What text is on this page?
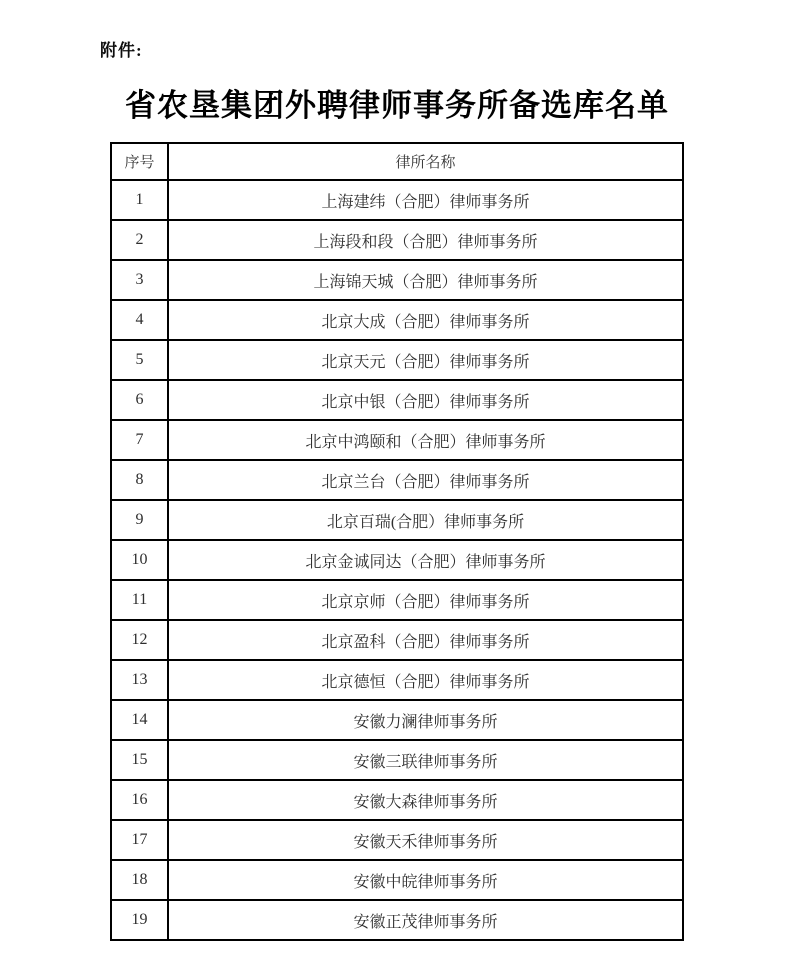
附件:
省农垦集团外聘律师事务所备选库名单
序号	律所名称
1	上海建纬（合肥）律师事务所
2	上海段和段（合肥）律师事务所
3	上海锦天城（合肥）律师事务所
4	北京大成（合肥）律师事务所
5	北京天元（合肥）律师事务所
6	北京中银（合肥）律师事务所
7	北京中鸿颐和（合肥）律师事务所
8	北京兰台（合肥）律师事务所
9	北京百瑞(合肥）律师事务所
10	北京金诚同达（合肥）律师事务所
11	北京京师（合肥）律师事务所
12	北京盈科（合肥）律师事务所
13	北京德恒（合肥）律师事务所
14	安徽力澜律师事务所
15	安徽三联律师事务所
16	安徽大森律师事务所
17	安徽天禾律师事务所
18	安徽中皖律师事务所
19	安徽正茂律师事务所
